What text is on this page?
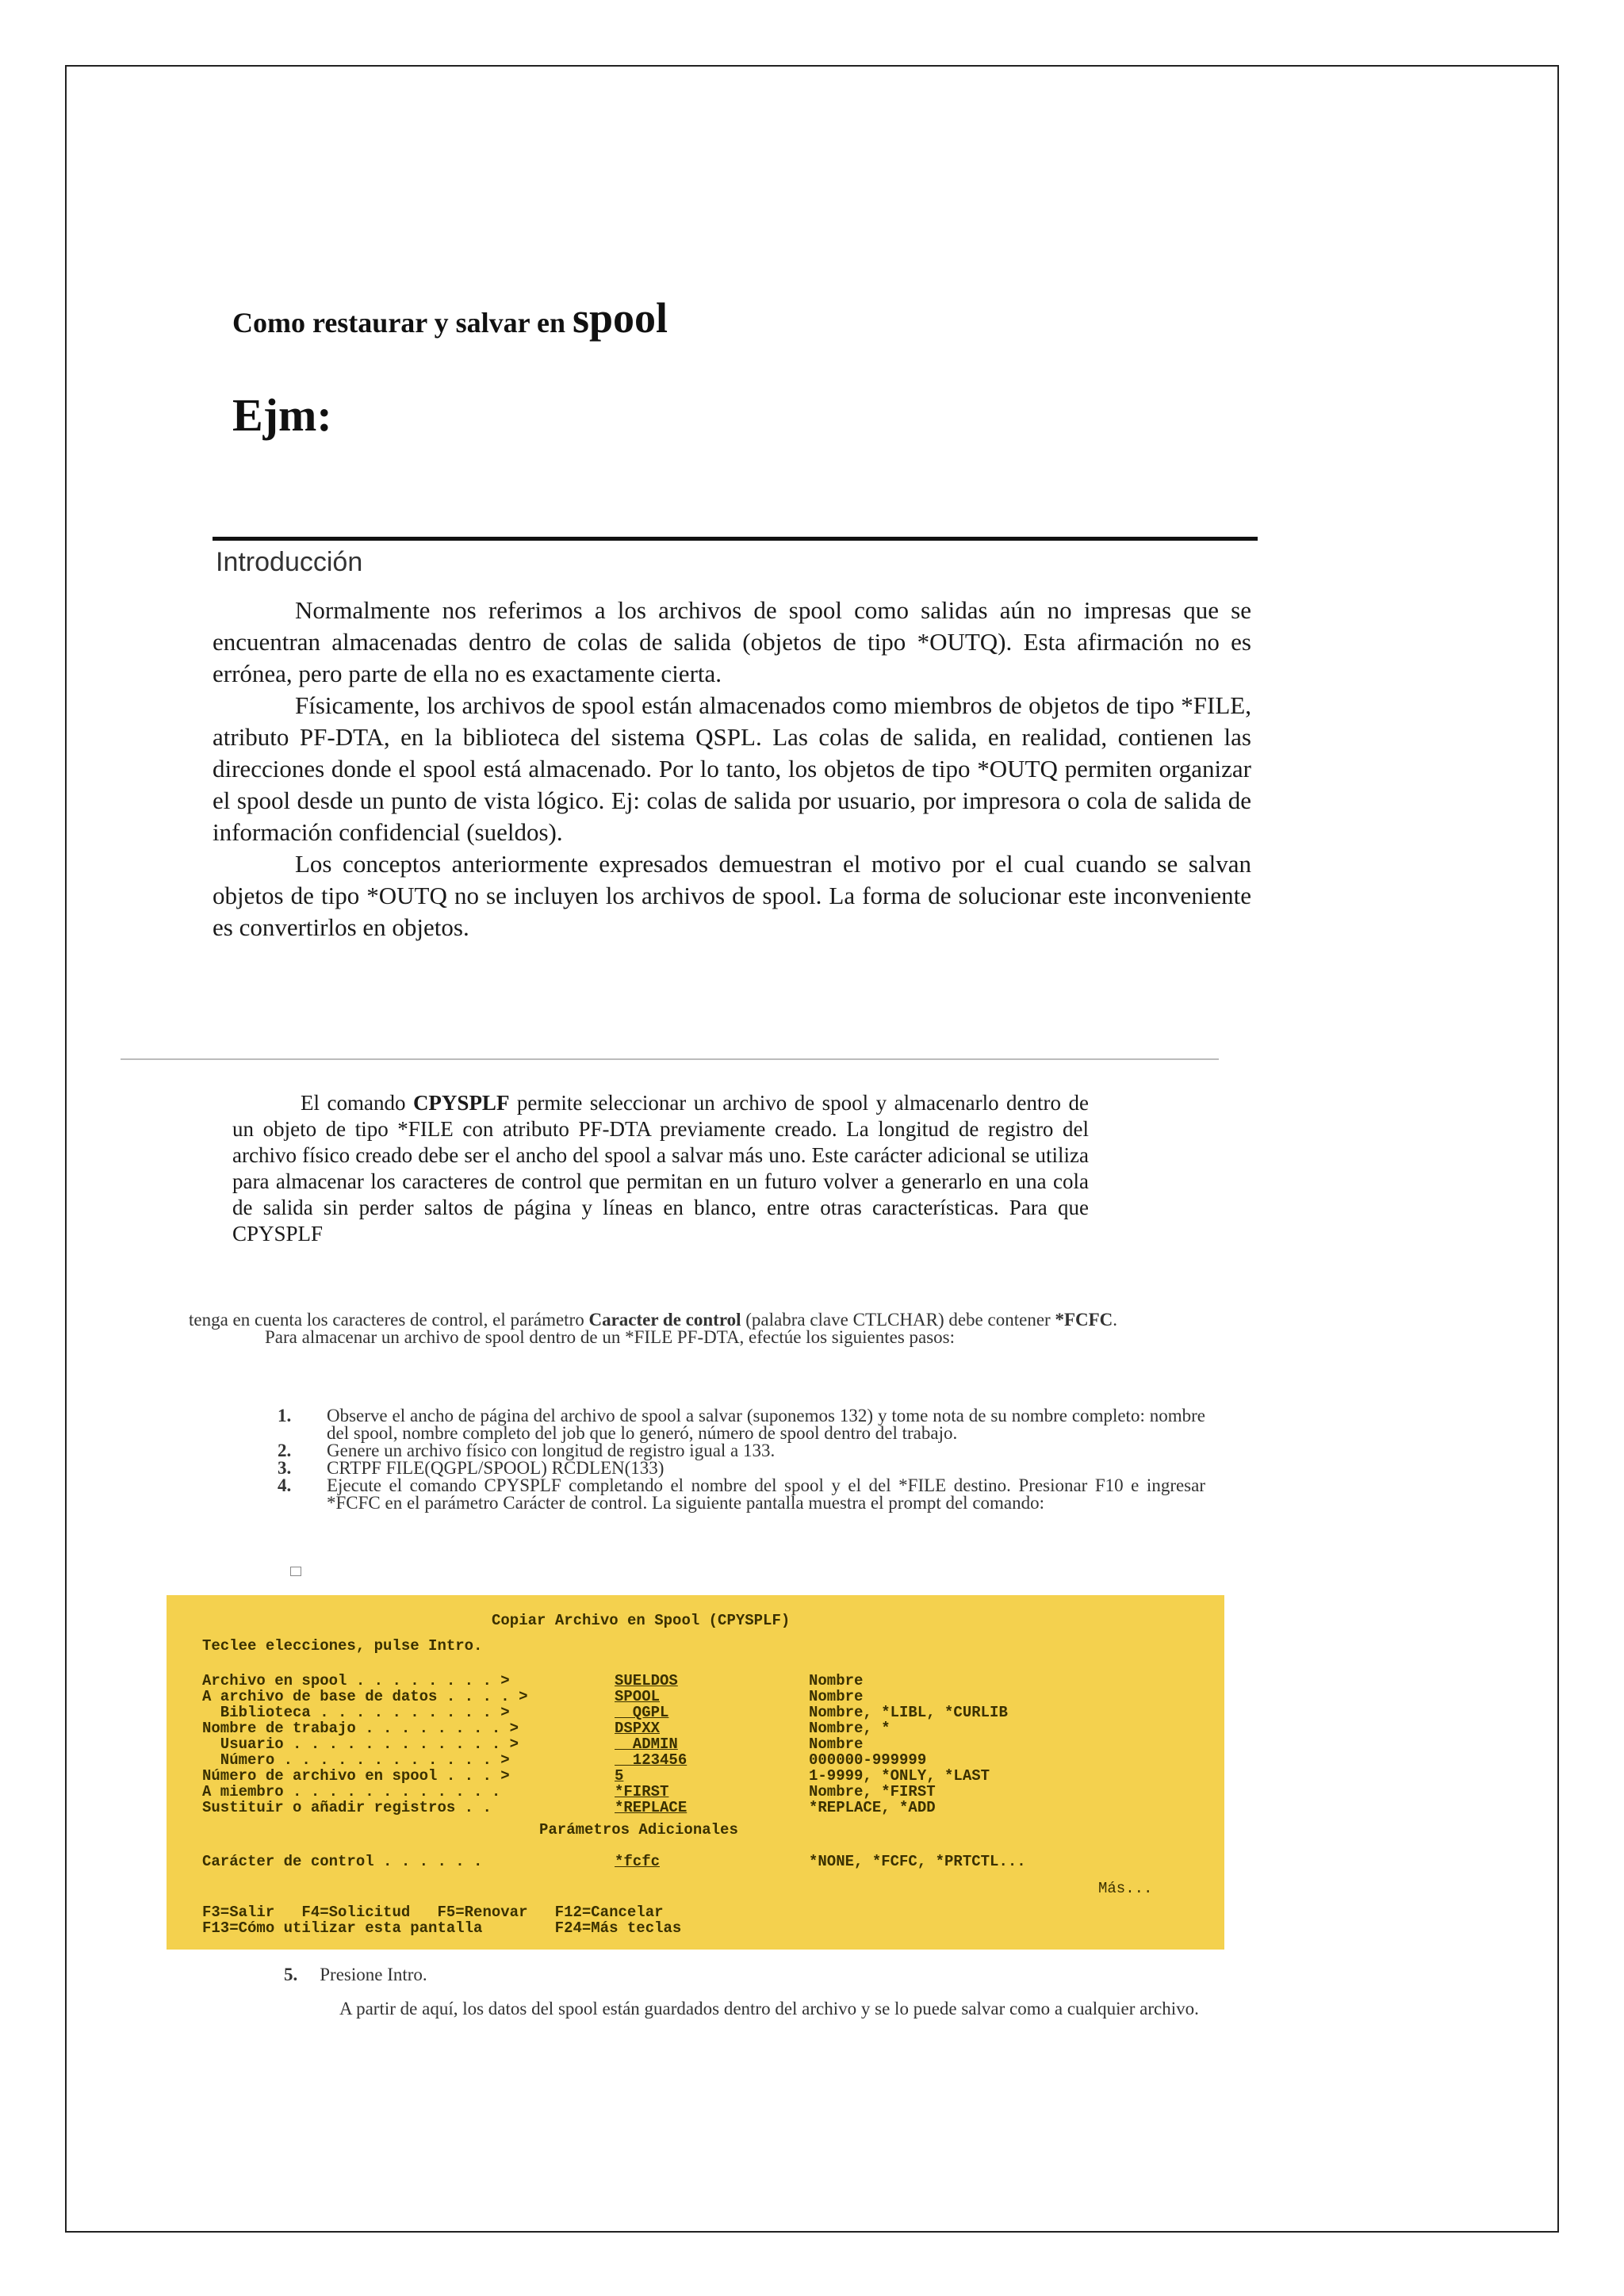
Como restaurar y salvar en spool
Ejm:
Introducción

Normalmente nos referimos a los archivos de spool como salidas aún no impresas que se encuentran almacenadas dentro de colas de salida (objetos de tipo *OUTQ). Esta afirmación no es errónea, pero parte de ella no es exactamente cierta.

Físicamente, los archivos de spool están almacenados como miembros de objetos de tipo *FILE, atributo PF-DTA, en la biblioteca del sistema QSPL. Las colas de salida, en realidad, contienen las direcciones donde el spool está almacenado. Por lo tanto, los objetos de tipo *OUTQ permiten organizar el spool desde un punto de vista lógico. Ej: colas de salida por usuario, por impresora o cola de salida de información confidencial (sueldos).

Los conceptos anteriormente expresados demuestran el motivo por el cual cuando se salvan objetos de tipo *OUTQ no se incluyen los archivos de spool. La forma de solucionar este inconveniente es convertirlos en objetos.

El comando CPYSPLF permite seleccionar un archivo de spool y almacenarlo dentro de un objeto de tipo *FILE con atributo PF-DTA previamente creado. La longitud de registro del archivo físico creado debe ser el ancho del spool a salvar más uno. Este carácter adicional se utiliza para almacenar los caracteres de control que permitan en un futuro volver a generarlo en una cola de salida sin perder saltos de página y líneas en blanco, entre otras características. Para que CPYSPLF

tenga en cuenta los caracteres de control, el parámetro Caracter de control (palabra clave CTLCHAR) debe contener *FCFC.

Para almacenar un archivo de spool dentro de un *FILE PF-DTA, efectúe los siguientes pasos:

1. Observe el ancho de página del archivo de spool a salvar (suponemos 132) y tome nota de su nombre completo: nombre del spool, nombre completo del job que lo generó, número de spool dentro del trabajo.
2. Genere un archivo físico con longitud de registro igual a 133.
3. CRTPF FILE(QGPL/SPOOL) RCDLEN(133)
4. Ejecute el comando CPYSPLF completando el nombre del spool y el del *FILE destino. Presionar F10 e ingresar *FCFC en el parámetro Carácter de control. La siguiente pantalla muestra el prompt del comando:
Copiar Archivo en Spool (CPYSPLF)
Teclee elecciones, pulse Intro.
Archivo en spool . . . . . . . . >	SUELDOS	Nombre
A archivo de base de datos . . . . >	SPOOL	Nombre
Biblioteca . . . . . . . . . . >	QGPL	Nombre, *LIBL, *CURLIB
Nombre de trabajo . . . . . . . . >	DSPXX	Nombre, *
Usuario . . . . . . . . . . . . >	ADMIN	Nombre
Número . . . . . . . . . . . . >	123456	000000-999999
Número de archivo en spool . . . >	5	1-9999, *ONLY, *LAST
A miembro . . . . . . . . . . . .	*FIRST	Nombre, *FIRST
Sustituir o añadir registros . .	*REPLACE	*REPLACE, *ADD
Parámetros Adicionales
Carácter de control . . . . . .	*fcfc	*NONE, *FCFC, *PRTCTL...
Más...
F3=Salir   F4=Solicitud   F5=Renovar   F12=Cancelar
F13=Cómo utilizar esta pantalla        F24=Más teclas
5. Presione Intro.

A partir de aquí, los datos del spool están guardados dentro del archivo y se lo puede salvar como a cualquier archivo.
